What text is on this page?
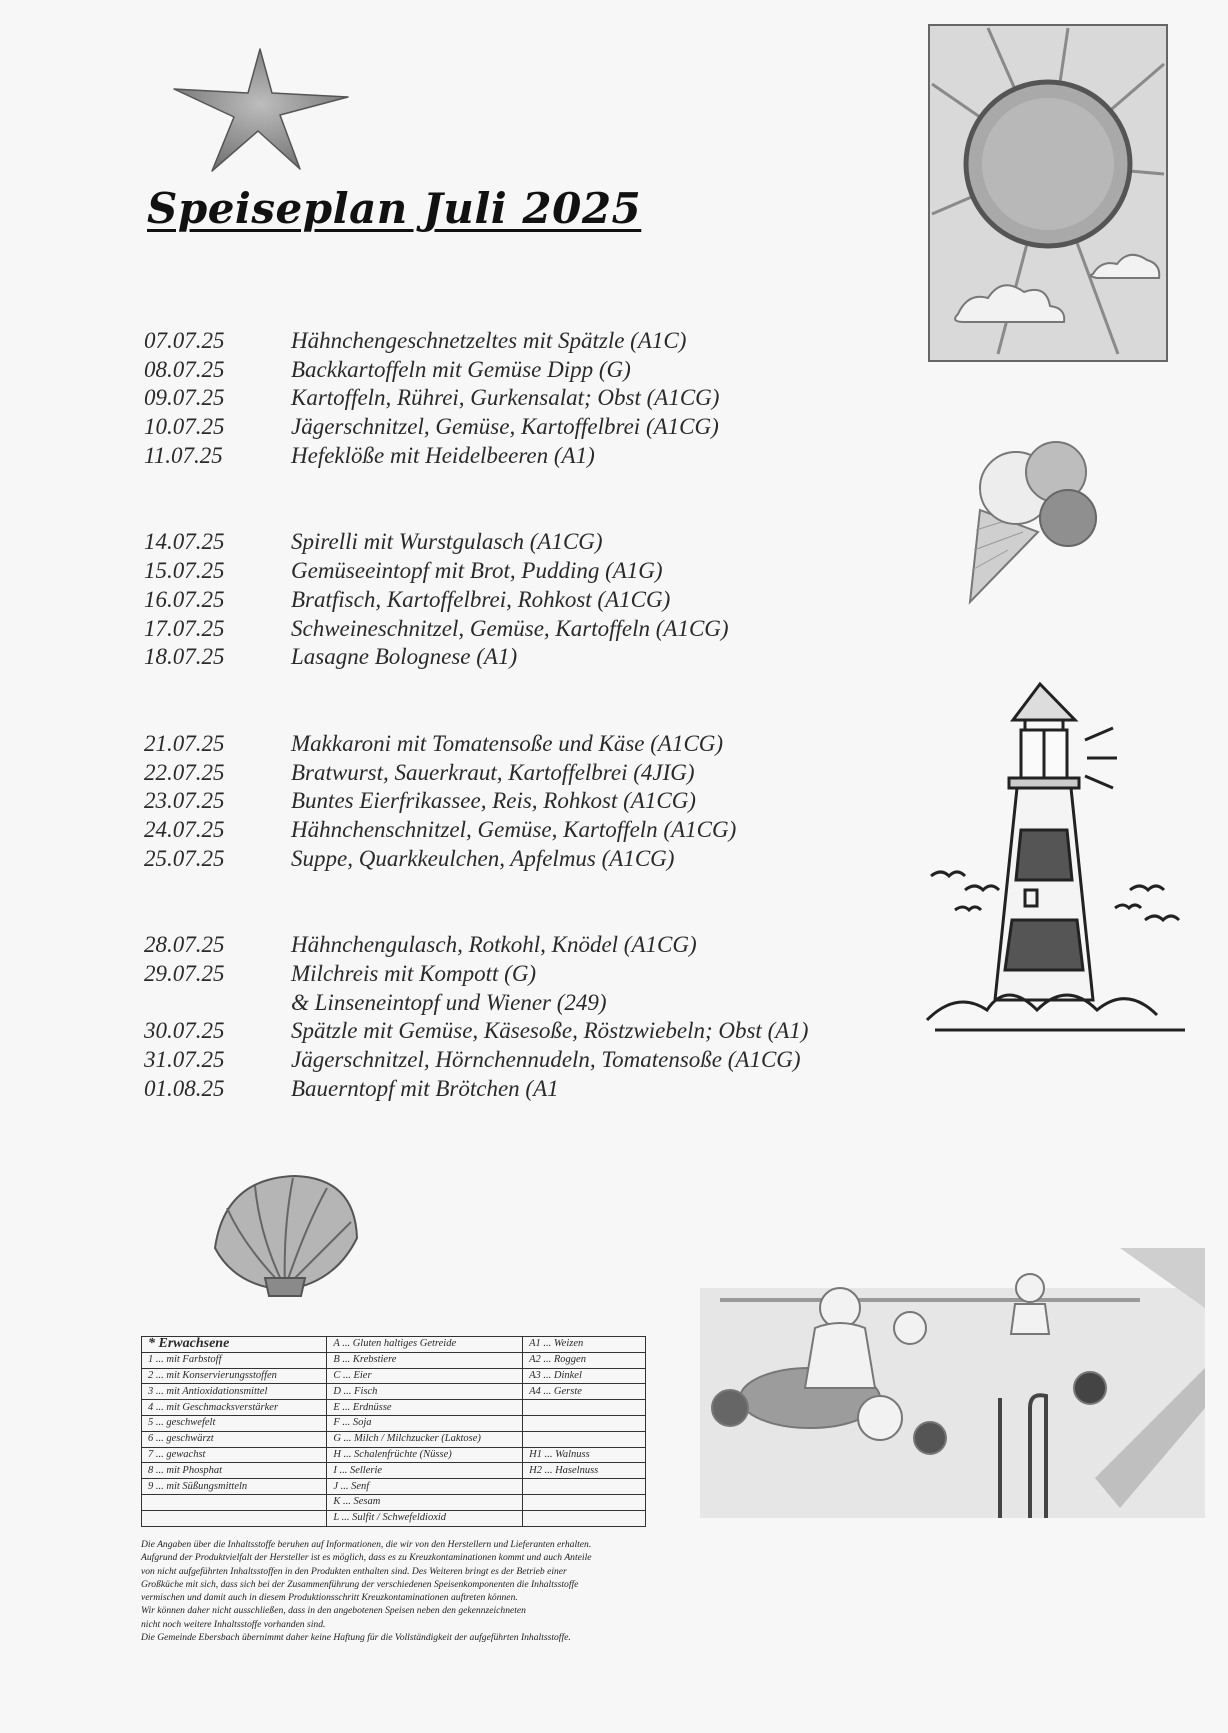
Speiseplan Juli 2025
07.07.25	Hähnchengeschnetzeltes mit Spätzle (A1C)
08.07.25	Backkartoffeln mit Gemüse Dipp (G)
09.07.25	Kartoffeln, Rührei, Gurkensalat; Obst (A1CG)
10.07.25	Jägerschnitzel, Gemüse, Kartoffelbrei (A1CG)
11.07.25	Hefeklöße mit Heidelbeeren (A1)
14.07.25	Spirelli mit Wurstgulasch (A1CG)
15.07.25	Gemüseeintopf mit Brot, Pudding (A1G)
16.07.25	Bratfisch, Kartoffelbrei, Rohkost (A1CG)
17.07.25	Schweineschnitzel, Gemüse, Kartoffeln (A1CG)
18.07.25	Lasagne Bolognese (A1)
21.07.25	Makkaroni mit Tomatensoße und Käse (A1CG)
22.07.25	Bratwurst, Sauerkraut, Kartoffelbrei (4JIG)
23.07.25	Buntes Eierfrikassee, Reis, Rohkost (A1CG)
24.07.25	Hähnchenschnitzel, Gemüse, Kartoffeln (A1CG)
25.07.25	Suppe, Quarkkeulchen, Apfelmus (A1CG)
28.07.25	Hähnchengulasch, Rotkohl, Knödel (A1CG)
29.07.25	Milchreis mit Kompott (G)
& Linseneintopf und Wiener (249)
30.07.25	Spätzle mit Gemüse, Käsesoße, Röstzwiebeln; Obst (A1)
31.07.25	Jägerschnitzel, Hörnchennudeln, Tomatensoße (A1CG)
01.08.25	Bauerntopf mit Brötchen (A1
* Erwachsene	A ... Gluten haltiges Getreide	A1 ... Weizen
1 ... mit Farbstoff	B ... Krebstiere	A2 ... Roggen
2 ... mit Konservierungsstoffen	C ... Eier	A3 ... Dinkel
3 ... mit Antioxidationsmittel	D ... Fisch	A4 ... Gerste
4 ... mit Geschmacksverstärker	E ... Erdnüsse	
5 ... geschwefelt	F ... Soja	
6 ... geschwärzt	G ... Milch / Milchzucker (Laktose)	
7 ... gewachst	H ... Schalenfrüchte (Nüsse)	H1 ... Walnuss
8 ... mit Phosphat	I ... Sellerie	H2 ... Haselnuss
9 ... mit Süßungsmitteln	J ... Senf	
	K ... Sesam	
	L ... Sulfit / Schwefeldioxid	

Die Angaben über die Inhaltsstoffe beruhen auf Informationen, die wir von den Herstellern und Lieferanten erhalten.

Aufgrund der Produktvielfalt der Hersteller ist es möglich, dass es zu Kreuzkontaminationen kommt und auch Anteile

von nicht aufgeführten Inhaltsstoffen in den Produkten enthalten sind. Des Weiteren bringt es der Betrieb einer

Großküche mit sich, dass sich bei der Zusammenführung der verschiedenen Speisenkomponenten die Inhaltsstoffe

vermischen und damit auch in diesem Produktionsschritt Kreuzkontaminationen auftreten können.

Wir können daher nicht ausschließen, dass in den angebotenen Speisen neben den gekennzeichneten

nicht noch weitere Inhaltsstoffe vorhanden sind.

Die Gemeinde Ebersbach übernimmt daher keine Haftung für die Vollständigkeit der aufgeführten Inhaltsstoffe.
